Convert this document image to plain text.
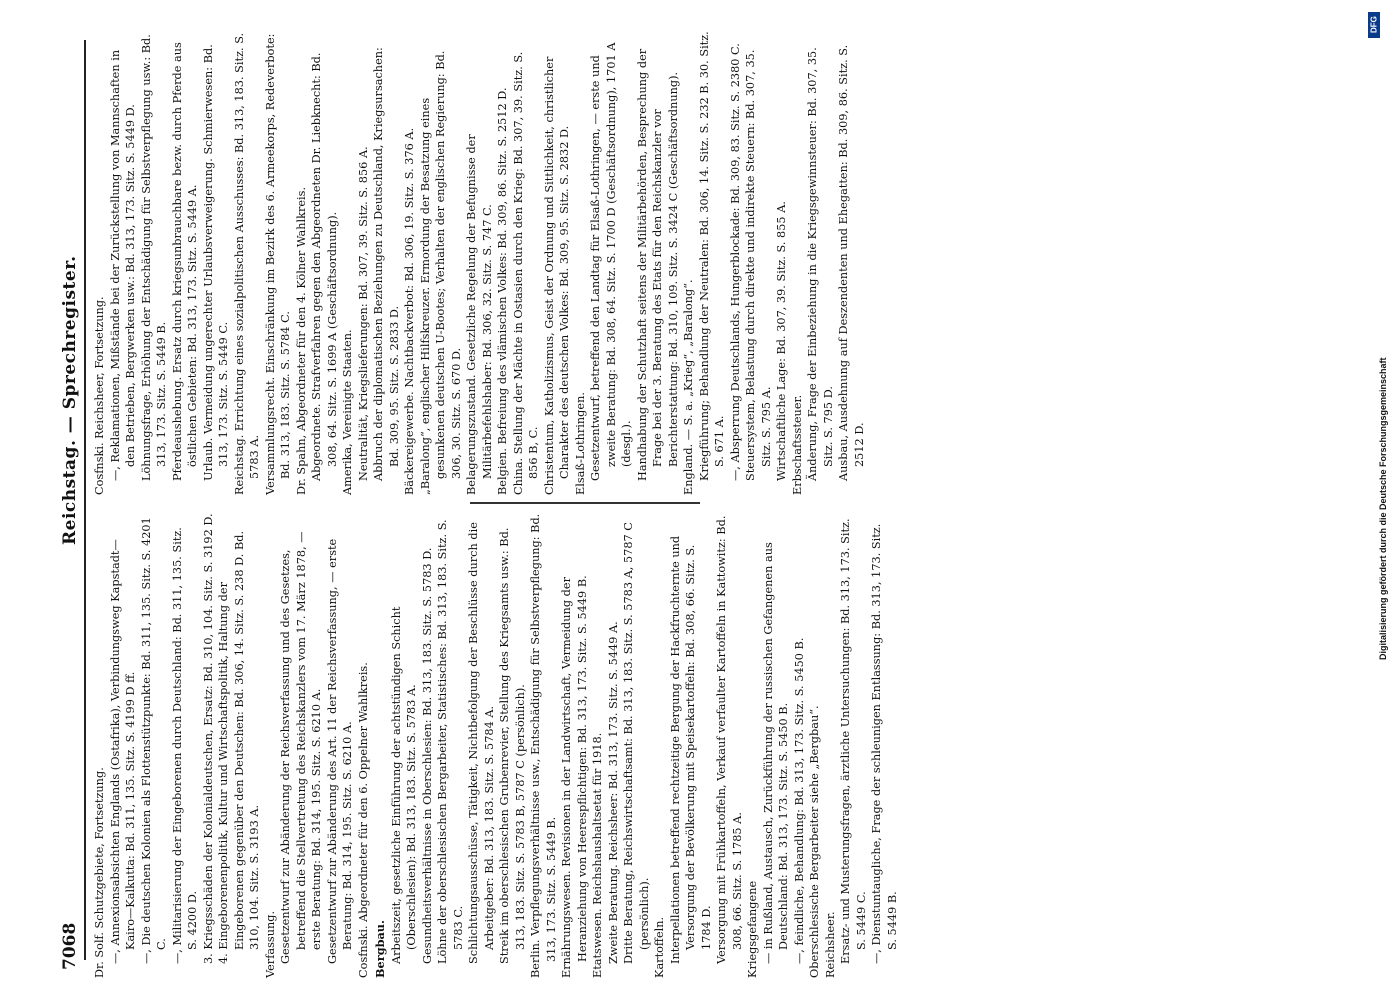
7068
Reichstag. — Sprechregister.

Dr. Solf. Schutzgebiete, Fortsetzung. —, Annexionsabsichten Englands (Ostafrika), Verbindungsweg Kapstadt—Kairo—Kalkutta: Bd. 311, 135. Sitz. S. 4199 D ff. —, Die deutschen Kolonien als Flottenstützpunkte: Bd. 311, 135. Sitz. S. 4201 C. —, Militarisierung der Eingeborenen durch Deutschland: Bd. 311, 135. Sitz. S. 4200 D. 3. Kriegsschäden der Kolonialdeutschen, Ersatz: Bd. 310, 104. Sitz. S. 3192 D. 4. Eingeborenenpolitik, Kultur und Wirtschaftspolitik, Haltung der Eingeborenen gegenüber den Deutschen: Bd. 306, 14. Sitz. S. 238 D. Bd. 310, 104. Sitz. S. 3193 A. Verfassung. Gesetzentwurf zur Abänderung der Reichsverfassung und des Gesetzes, betreffend die Stellvertretung des Reichskanzlers vom 17. März 1878, — erste Beratung: Bd. 314, 195. Sitz. S. 6210 A. Gesetzentwurf zur Abänderung des Art. 11 der Reichsverfassung, — erste Beratung: Bd. 314, 195. Sitz. S. 6210 A. Cosfnski. Abgeordneter für den 6. Oppelner Wahlkreis. Bergbau. Arbeitszeit, gesetzliche Einführung der achtstündigen Schicht (Oberschlesien): Bd. 313, 183. Sitz. S. 5783 A. Gesundheitsverhältnisse in Oberschlesien: Bd. 313, 183. Sitz. S. 5783 D. Löhne der oberschlesischen Bergarbeiter, Statistisches: Bd. 313, 183. Sitz. S. 5783 C. Schlichtungsausschüsse, Tätigkeit, Nichtbefolgung der Beschlüsse durch die Arbeitgeber: Bd. 313, 183. Sitz. S. 5784 A. Streik im oberschlesischen Grubenrevier, Stellung des Kriegsamts usw.: Bd. 313, 183. Sitz. S. 5783 B, 5787 C (persönlich). Berlin. Verpflegungsverhältnisse usw., Entschädigung für Selbstverpflegung: Bd. 313, 173. Sitz. S. 5449 B. Ernährungswesen. Revisionen in der Landwirtschaft, Vermeidung der Heranziehung von Heerespflichtigen: Bd. 313, 173. Sitz. S. 5449 B. Etatswesen. Reichshaushaltsetat für 1918. Zweite Beratung. Reichsheer: Bd. 313, 173. Sitz. S. 5449 A. Dritte Beratung, Reichswirtschaftsamt: Bd. 313, 183. Sitz. S. 5783 A, 5787 C (persönlich). Kartoffeln. Interpellationen betreffend rechtzeitige Bergung der Hackfruchternte und Versorgung der Bevölkerung mit Speisekartoffeln: Bd. 308, 66. Sitz. S. 1784 D. Versorgung mit Frühkartoffeln, Verkauf verfaulter Kartoffeln in Kattowitz: Bd. 308, 66. Sitz. S. 1785 A. Kriegsgefangene — in Rußland, Austausch, Zurückführung der russischen Gefangenen aus Deutschland: Bd. 313, 173. Sitz. S. 5450 B. —, feindliche, Behandlung: Bd. 313, 173. Sitz. S. 5450 B. Oberschlesische Bergarbeiter siehe „Bergbau“. Reichsheer. Ersatz- und Musterungsfragen, ärztliche Untersuchungen: Bd. 313, 173. Sitz. S. 5449 C. —, Dienstuntaugliche, Frage der schleunigen Entlassung: Bd. 313, 173. Sitz. S. 5449 B.

Cosfnski. Reichsheer, Fortsetzung. —, Reklamationen, Mißstände bei der Zurückstellung von Mannschaften in den Betrieben, Bergwerken usw.: Bd. 313, 173. Sitz. S. 5449 D. Löhnungsfrage, Erhöhung der Entschädigung für Selbstverpflegung usw.: Bd. 313, 173. Sitz. S. 5449 B. Pferdeaushebung. Ersatz durch kriegsunbrauchbare bezw. durch Pferde aus östlichen Gebieten: Bd. 313, 173. Sitz. S. 5449 A. Urlaub. Vermeidung ungerechter Urlaubsverweigerung. Schmierwesen: Bd. 313, 173. Sitz. S. 5449 C. Reichstag. Errichtung eines sozialpolitischen Ausschusses: Bd. 313, 183. Sitz. S. 5783 A. Versammlungsrecht. Einschränkung im Bezirk des 6. Armeekorps, Redeverbote: Bd. 313, 183. Sitz. S. 5784 C. Dr. Spahn, Abgeordneter für den 4. Kölner Wahlkreis. Abgeordnete. Strafverfahren gegen den Abgeordneten Dr. Liebknecht: Bd. 308, 64. Sitz. S. 1699 A (Geschäftsordnung). Amerika, Vereinigte Staaten. Neutralität, Kriegslieferungen: Bd. 307, 39. Sitz. S. 856 A. Abbruch der diplomatischen Beziehungen zu Deutschland, Kriegsursachen: Bd. 309, 95. Sitz. S. 2833 D. Bäckereigewerbe. Nachtbackverbot: Bd. 306, 19. Sitz. S. 376 A. „Baralong“, englischer Hilfskreuzer. Ermordung der Besatzung eines gesunkenen deutschen U-Bootes; Verhalten der englischen Regierung: Bd. 306, 30. Sitz. S. 670 D. Belagerungszustand. Gesetzliche Regelung der Befugnisse der Militärbefehlshaber: Bd. 306, 32. Sitz. S. 747 C. Belgien. Befreiung des vlämischen Volkes: Bd. 309, 86. Sitz. S. 2512 D. China. Stellung der Mächte in Ostasien durch den Krieg: Bd. 307, 39. Sitz. S. 856 B, C. Christentum, Katholizismus, Geist der Ordnung und Sittlichkeit, christlicher Charakter des deutschen Volkes: Bd. 309, 95. Sitz. S. 2832 D. Elsaß-Lothringen. Gesetzentwurf, betreffend den Landtag für Elsaß-Lothringen, — erste und zweite Beratung: Bd. 308, 64. Sitz. S. 1700 D (Geschäftsordnung), 1701 A (desgl.). Handhabung der Schutzhaft seitens der Militärbehörden, Besprechung der Frage bei der 3. Beratung des Etats für den Reichskanzler vor Berichterstattung: Bd. 310, 109. Sitz. S. 3424 C (Geschäftsordnung). England. — S. a. „Krieg“, „Baralong“. Kriegführung; Behandlung der Neutralen: Bd. 306, 14. Sitz. S. 232 B. 30. Sitz. S. 671 A. —, Absperrung Deutschlands, Hungerblockade: Bd. 309, 83. Sitz. S. 2380 C. Steuersystem, Belastung durch direkte und indirekte Steuern: Bd. 307, 35. Sitz. S. 795 A. Wirtschaftliche Lage: Bd. 307, 39. Sitz. S. 855 A. Erbschaftssteuer. Änderung, Frage der Einbeziehung in die Kriegsgewinnsteuer: Bd. 307, 35. Sitz. S. 795 D. Ausbau, Ausdehnung auf Deszendenten und Ehegatten: Bd. 309, 86. Sitz. S. 2512 D.

DFG
Digitalisierung gefördert durch die Deutsche Forschungsgemeinschaft
